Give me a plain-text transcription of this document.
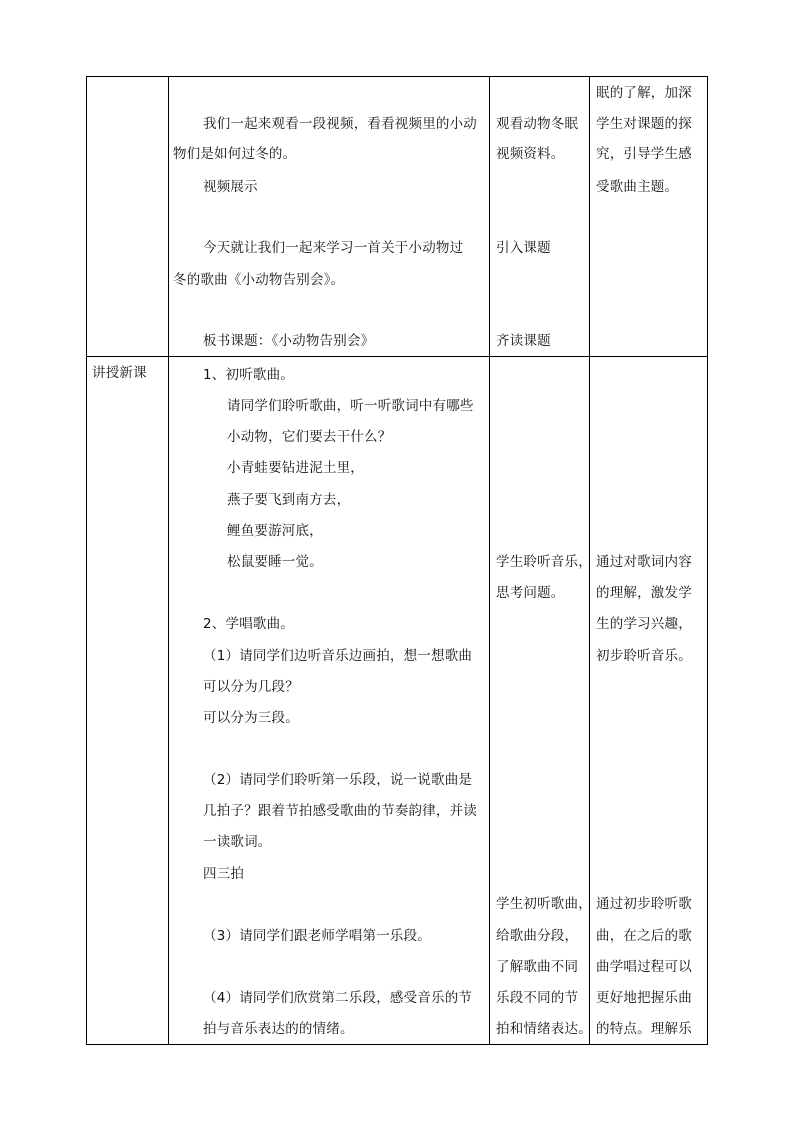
我们一起来观看一段视频，看看视频里的小动
物们是如何过冬的。
视频展示
今天就让我们一起来学习一首关于小动物过
冬的歌曲《小动物告别会》。
板书课题：《小动物告别会》
观看动物冬眠
视频资料。
引入课题
齐读课题
眠的了解，加深
学生对课题的探
究，引导学生感
受歌曲主题。
讲授新课	1、初听歌曲。
请同学们聆听歌曲，听一听歌词中有哪些
小动物，它们要去干什么？
小青蛙要钻进泥土里，
燕子要飞到南方去，
鲤鱼要游河底，
松鼠要睡一觉。
2、学唱歌曲。
（1）请同学们边听音乐边画拍，想一想歌曲
可以分为几段？
可以分为三段。
（2）请同学们聆听第一乐段，说一说歌曲是
几拍子？跟着节拍感受歌曲的节奏韵律，并读
一读歌词。
四三拍
（3）请同学们跟老师学唱第一乐段。
（4）请同学们欣赏第二乐段，感受音乐的节
拍与音乐表达的的情绪。
学生聆听音乐，
思考问题。
学生初听歌曲，
给歌曲分段，
了解歌曲不同
乐段不同的节
拍和情绪表达。
通过对歌词内容
的理解，激发学
生的学习兴趣，
初步聆听音乐。
通过初步聆听歌
曲，在之后的歌
曲学唱过程可以
更好地把握乐曲
的特点。理解乐
